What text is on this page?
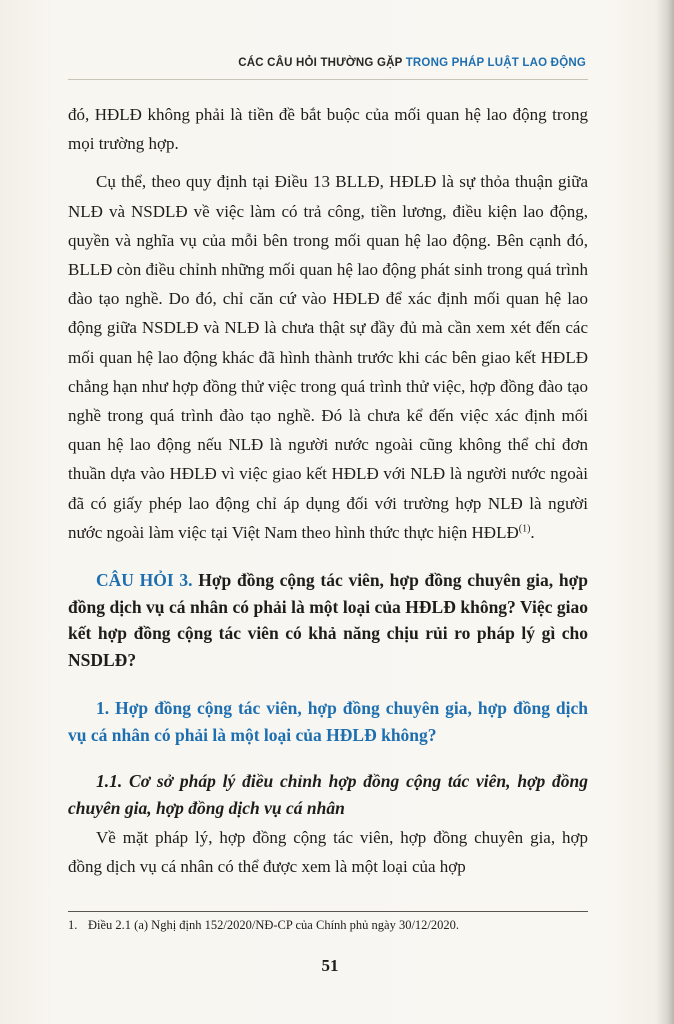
CÁC CÂU HỎI THƯỜNG GẶP TRONG PHÁP LUẬT LAO ĐỘNG

đó, HĐLĐ không phải là tiền đề bắt buộc của mối quan hệ lao động trong mọi trường hợp.

Cụ thể, theo quy định tại Điều 13 BLLĐ, HĐLĐ là sự thỏa thuận giữa NLĐ và NSDLĐ về việc làm có trả công, tiền lương, điều kiện lao động, quyền và nghĩa vụ của mỗi bên trong mối quan hệ lao động. Bên cạnh đó, BLLĐ còn điều chỉnh những mối quan hệ lao động phát sinh trong quá trình đào tạo nghề. Do đó, chỉ căn cứ vào HĐLĐ để xác định mối quan hệ lao động giữa NSDLĐ và NLĐ là chưa thật sự đầy đủ mà cần xem xét đến các mối quan hệ lao động khác đã hình thành trước khi các bên giao kết HĐLĐ chẳng hạn như hợp đồng thử việc trong quá trình thử việc, hợp đồng đào tạo nghề trong quá trình đào tạo nghề. Đó là chưa kể đến việc xác định mối quan hệ lao động nếu NLĐ là người nước ngoài cũng không thể chỉ đơn thuần dựa vào HĐLĐ vì việc giao kết HĐLĐ với NLĐ là người nước ngoài đã có giấy phép lao động chỉ áp dụng đối với trường hợp NLĐ là người nước ngoài làm việc tại Việt Nam theo hình thức thực hiện HĐLĐ$^{(1)}$.

CÂU HỎI 3. Hợp đồng cộng tác viên, hợp đồng chuyên gia, hợp đồng dịch vụ cá nhân có phải là một loại của HĐLĐ không? Việc giao kết hợp đồng cộng tác viên có khả năng chịu rủi ro pháp lý gì cho NSDLĐ?

1. Hợp đồng cộng tác viên, hợp đồng chuyên gia, hợp đồng dịch vụ cá nhân có phải là một loại của HĐLĐ không?

1.1. Cơ sở pháp lý điều chỉnh hợp đồng cộng tác viên, hợp đồng chuyên gia, hợp đồng dịch vụ cá nhân

Về mặt pháp lý, hợp đồng cộng tác viên, hợp đồng chuyên gia, hợp đồng dịch vụ cá nhân có thể được xem là một loại của hợp

1. Điều 2.1 (a) Nghị định 152/2020/NĐ-CP của Chính phủ ngày 30/12/2020.
51
